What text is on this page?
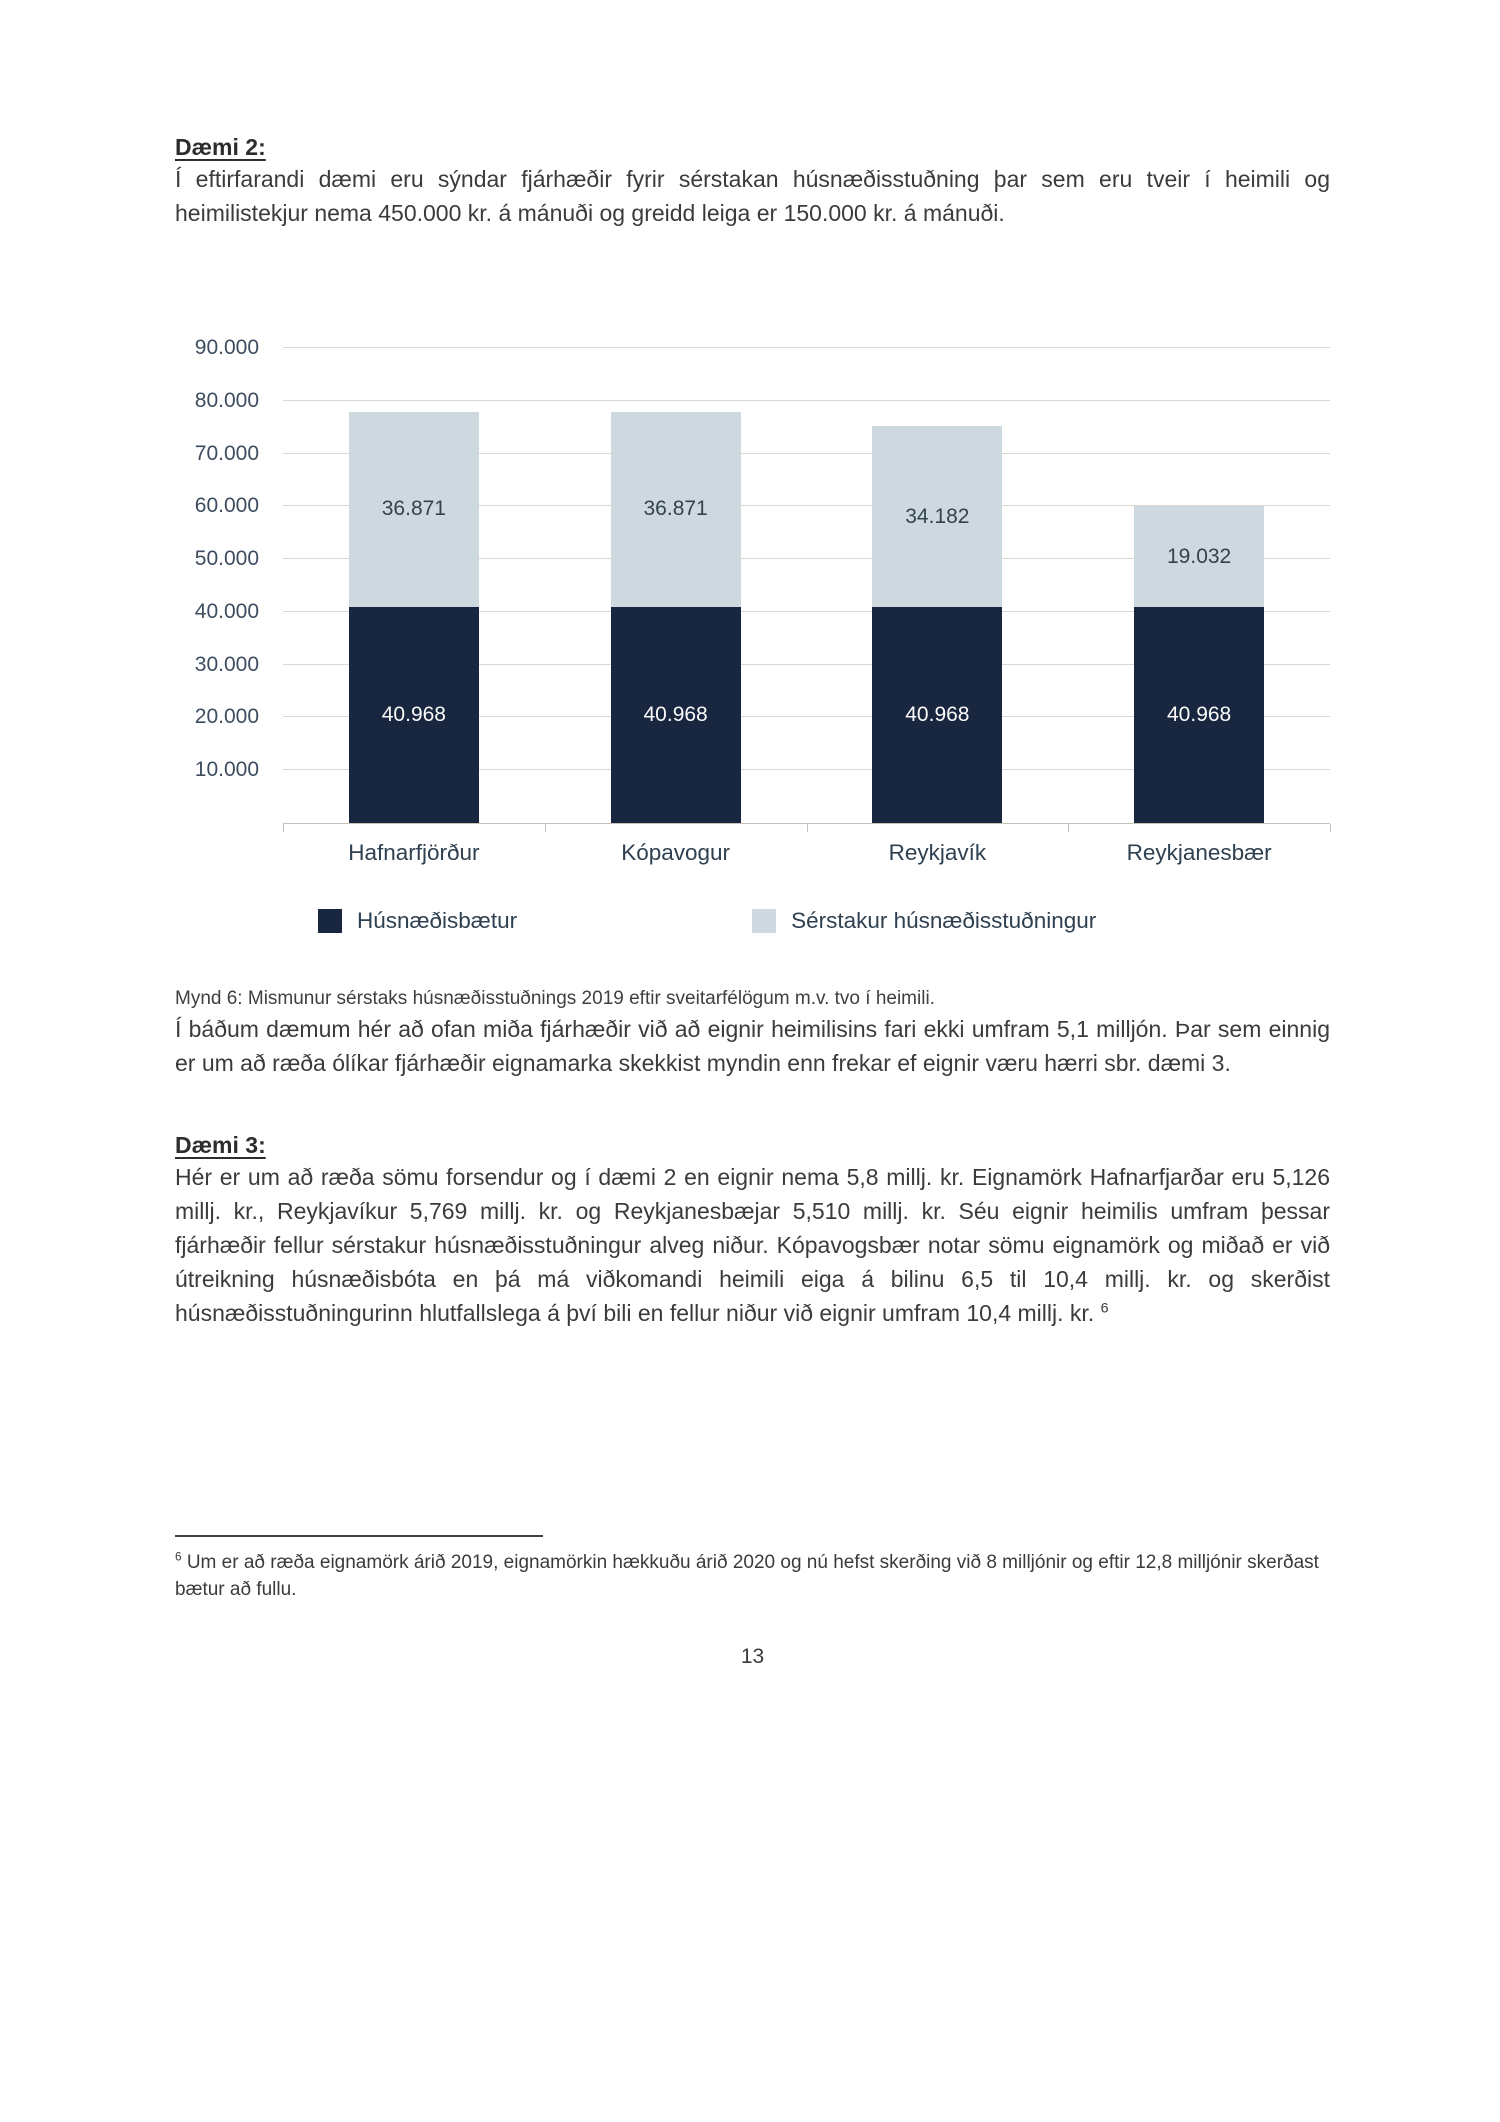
Dæmi 2:

Í eftirfarandi dæmi eru sýndar fjárhæðir fyrir sérstakan húsnæðisstuðning þar sem eru tveir í heimili og heimilistekjur nema 450.000 kr. á mánuði og greidd leiga er 150.000 kr. á mánuði.

10.000
20.000
30.000
40.000
50.000
60.000
70.000
80.000
90.000
36.871
40.968
36.871
40.968
34.182
40.968
19.032
40.968
Hafnarfjörður	Kópavogur	Reykjavík	Reykjanesbær
Húsnæðisbætur	Sérstakur húsnæðisstuðningur
Mynd 6: Mismunur sérstaks húsnæðisstuðnings 2019 eftir sveitarfélögum m.v. tvo í heimili.

Í báðum dæmum hér að ofan miða fjárhæðir við að eignir heimilisins fari ekki umfram 5,1 milljón. Þar sem einnig er um að ræða ólíkar fjárhæðir eignamarka skekkist myndin enn frekar ef eignir væru hærri sbr. dæmi 3.

Dæmi 3:

Hér er um að ræða sömu forsendur og í dæmi 2 en eignir nema 5,8 millj. kr. Eignamörk Hafnarfjarðar eru 5,126 millj. kr., Reykjavíkur 5,769 millj. kr. og Reykjanesbæjar 5,510 millj. kr. Séu eignir heimilis umfram þessar fjárhæðir fellur sérstakur húsnæðisstuðningur alveg niður. Kópavogsbær notar sömu eignamörk og miðað er við útreikning húsnæðisbóta en þá má viðkomandi heimili eiga á bilinu 6,5 til 10,4 millj. kr. og skerðist húsnæðisstuðningurinn hlutfallslega á því bili en fellur niður við eignir umfram 10,4 millj. kr. $^6$

$^6$ Um er að ræða eignamörk árið 2019, eignamörkin hækkuðu árið 2020 og nú hefst skerðing við 8 milljónir og eftir 12,8 milljónir skerðast bætur að fullu.
13
